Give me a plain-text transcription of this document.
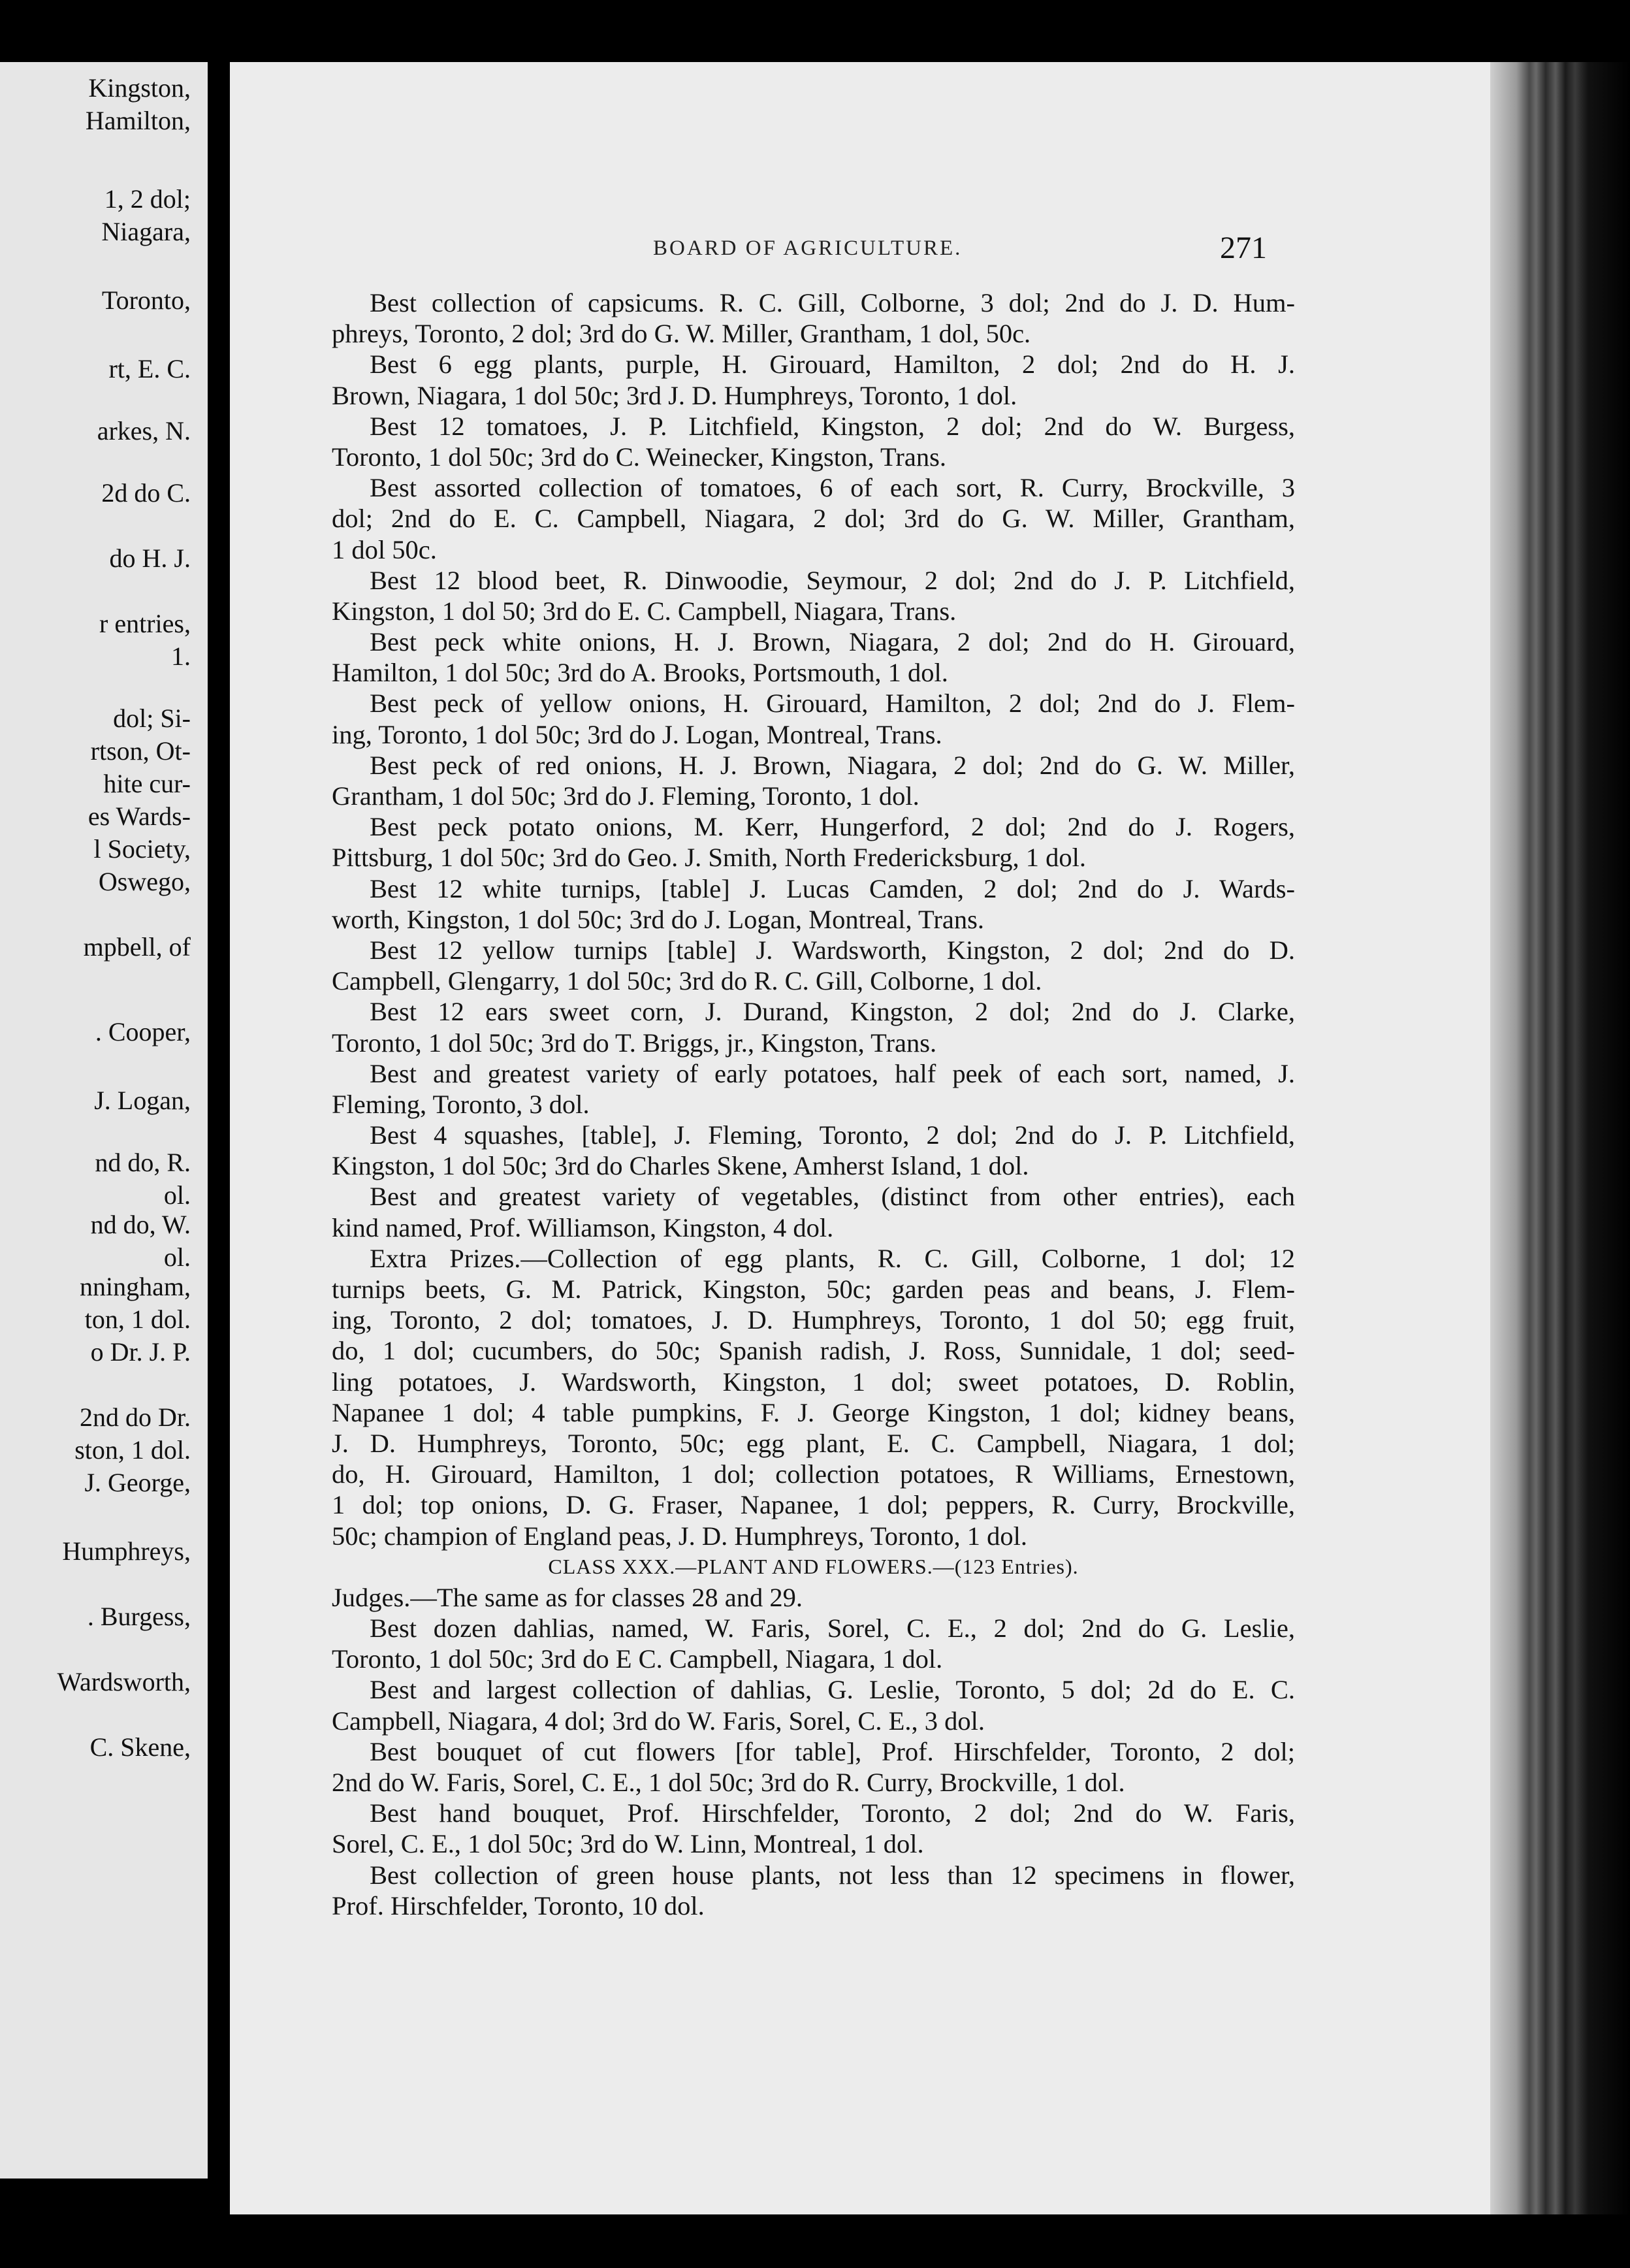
Kingston,
Hamilton,
1, 2 dol;
Niagara,
Toronto,
rt, E. C.
arkes, N.
2d do C.
do H. J.
r entries,
1.
dol; Si-
rtson, Ot-
hite cur-
es Wards-
l Society,
Oswego,
mpbell, of
. Cooper,
J. Logan,
nd do, R.
ol.
nd do, W.
ol.
nningham,
ton, 1 dol.
o Dr. J. P.
2nd do Dr.
ston, 1 dol.
J. George,
Humphreys,
. Burgess,
Wardsworth,
C. Skene,
BOARD OF AGRICULTURE.	271
Best collection of capsicums. R. C. Gill, Colborne, 3 dol; 2nd do J. D. Hum-
phreys, Toronto, 2 dol; 3rd do G. W. Miller, Grantham, 1 dol, 50c.
Best 6 egg plants, purple, H. Girouard, Hamilton, 2 dol; 2nd do H. J.
Brown, Niagara, 1 dol 50c; 3rd J. D. Humphreys, Toronto, 1 dol.
Best 12 tomatoes, J. P. Litchfield, Kingston, 2 dol; 2nd do W. Burgess,
Toronto, 1 dol 50c; 3rd do C. Weinecker, Kingston, Trans.
Best assorted collection of tomatoes, 6 of each sort, R. Curry, Brockville, 3
dol; 2nd do E. C. Campbell, Niagara, 2 dol; 3rd do G. W. Miller, Grantham,
1 dol 50c.
Best 12 blood beet, R. Dinwoodie, Seymour, 2 dol; 2nd do J. P. Litchfield,
Kingston, 1 dol 50; 3rd do E. C. Campbell, Niagara, Trans.
Best peck white onions, H. J. Brown, Niagara, 2 dol; 2nd do H. Girouard,
Hamilton, 1 dol 50c; 3rd do A. Brooks, Portsmouth, 1 dol.
Best peck of yellow onions, H. Girouard, Hamilton, 2 dol; 2nd do J. Flem-
ing, Toronto, 1 dol 50c; 3rd do J. Logan, Montreal, Trans.
Best peck of red onions, H. J. Brown, Niagara, 2 dol; 2nd do G. W. Miller,
Grantham, 1 dol 50c; 3rd do J. Fleming, Toronto, 1 dol.
Best peck potato onions, M. Kerr, Hungerford, 2 dol; 2nd do J. Rogers,
Pittsburg, 1 dol 50c; 3rd do Geo. J. Smith, North Fredericksburg, 1 dol.
Best 12 white turnips, [table] J. Lucas Camden, 2 dol; 2nd do J. Wards-
worth, Kingston, 1 dol 50c; 3rd do J. Logan, Montreal, Trans.
Best 12 yellow turnips [table] J. Wardsworth, Kingston, 2 dol; 2nd do D.
Campbell, Glengarry, 1 dol 50c; 3rd do R. C. Gill, Colborne, 1 dol.
Best 12 ears sweet corn, J. Durand, Kingston, 2 dol; 2nd do J. Clarke,
Toronto, 1 dol 50c; 3rd do T. Briggs, jr., Kingston, Trans.
Best and greatest variety of early potatoes, half peek of each sort, named, J.
Fleming, Toronto, 3 dol.
Best 4 squashes, [table], J. Fleming, Toronto, 2 dol; 2nd do J. P. Litchfield,
Kingston, 1 dol 50c; 3rd do Charles Skene, Amherst Island, 1 dol.
Best and greatest variety of vegetables, (distinct from other entries), each
kind named, Prof. Williamson, Kingston, 4 dol.
Extra Prizes.—Collection of egg plants, R. C. Gill, Colborne, 1 dol; 12
turnips beets, G. M. Patrick, Kingston, 50c; garden peas and beans, J. Flem-
ing, Toronto, 2 dol; tomatoes, J. D. Humphreys, Toronto, 1 dol 50; egg fruit,
do, 1 dol; cucumbers, do 50c; Spanish radish, J. Ross, Sunnidale, 1 dol; seed-
ling potatoes, J. Wardsworth, Kingston, 1 dol; sweet potatoes, D. Roblin,
Napanee 1 dol; 4 table pumpkins, F. J. George Kingston, 1 dol; kidney beans,
J. D. Humphreys, Toronto, 50c; egg plant, E. C. Campbell, Niagara, 1 dol;
do, H. Girouard, Hamilton, 1 dol; collection potatoes, R Williams, Ernestown,
1 dol; top onions, D. G. Fraser, Napanee, 1 dol; peppers, R. Curry, Brockville,
50c; champion of England peas, J. D. Humphreys, Toronto, 1 dol.
CLASS XXX.—PLANT AND FLOWERS.—(123 Entries).
Judges.—The same as for classes 28 and 29.
Best dozen dahlias, named, W. Faris, Sorel, C. E., 2 dol; 2nd do G. Leslie,
Toronto, 1 dol 50c; 3rd do E C. Campbell, Niagara, 1 dol.
Best and largest collection of dahlias, G. Leslie, Toronto, 5 dol; 2d do E. C.
Campbell, Niagara, 4 dol; 3rd do W. Faris, Sorel, C. E., 3 dol.
Best bouquet of cut flowers [for table], Prof. Hirschfelder, Toronto, 2 dol;
2nd do W. Faris, Sorel, C. E., 1 dol 50c; 3rd do R. Curry, Brockville, 1 dol.
Best hand bouquet, Prof. Hirschfelder, Toronto, 2 dol; 2nd do W. Faris,
Sorel, C. E., 1 dol 50c; 3rd do W. Linn, Montreal, 1 dol.
Best collection of green house plants, not less than 12 specimens in flower,
Prof. Hirschfelder, Toronto, 10 dol.
